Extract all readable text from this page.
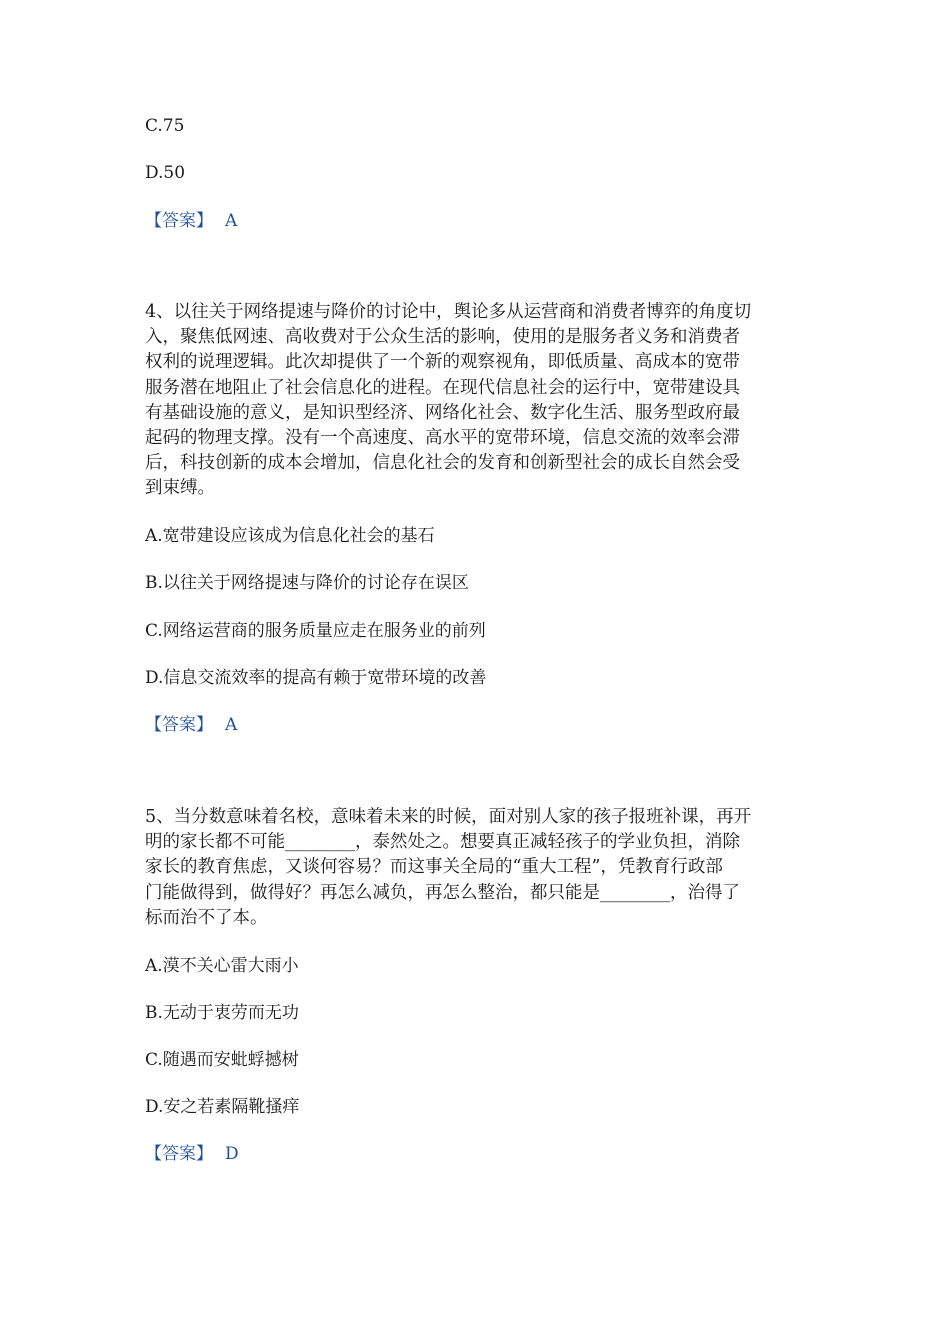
C.75
D.50
【答案】 A
4、以往关于网络提速与降价的讨论中，舆论多从运营商和消费者博弈的角度切
入，聚焦低网速、高收费对于公众生活的影响，使用的是服务者义务和消费者
权利的说理逻辑。此次却提供了一个新的观察视角，即低质量、高成本的宽带
服务潜在地阻止了社会信息化的进程。在现代信息社会的运行中，宽带建设具
有基础设施的意义，是知识型经济、网络化社会、数字化生活、服务型政府最
起码的物理支撑。没有一个高速度、高水平的宽带环境，信息交流的效率会滞
后，科技创新的成本会增加，信息化社会的发育和创新型社会的成长自然会受
到束缚。
A.宽带建设应该成为信息化社会的基石
B.以往关于网络提速与降价的讨论存在误区
C.网络运营商的服务质量应走在服务业的前列
D.信息交流效率的提高有赖于宽带环境的改善
【答案】 A
5、当分数意味着名校，意味着未来的时候，面对别人家的孩子报班补课，再开
明的家长都不可能________，泰然处之。想要真正减轻孩子的学业负担，消除
家长的教育焦虑，又谈何容易？而这事关全局的“重大工程”，凭教育行政部
门能做得到，做得好？再怎么减负，再怎么整治，都只能是________，治得了
标而治不了本。
A.漠不关心雷大雨小
B.无动于衷劳而无功
C.随遇而安蚍蜉撼树
D.安之若素隔靴搔痒
【答案】 D
